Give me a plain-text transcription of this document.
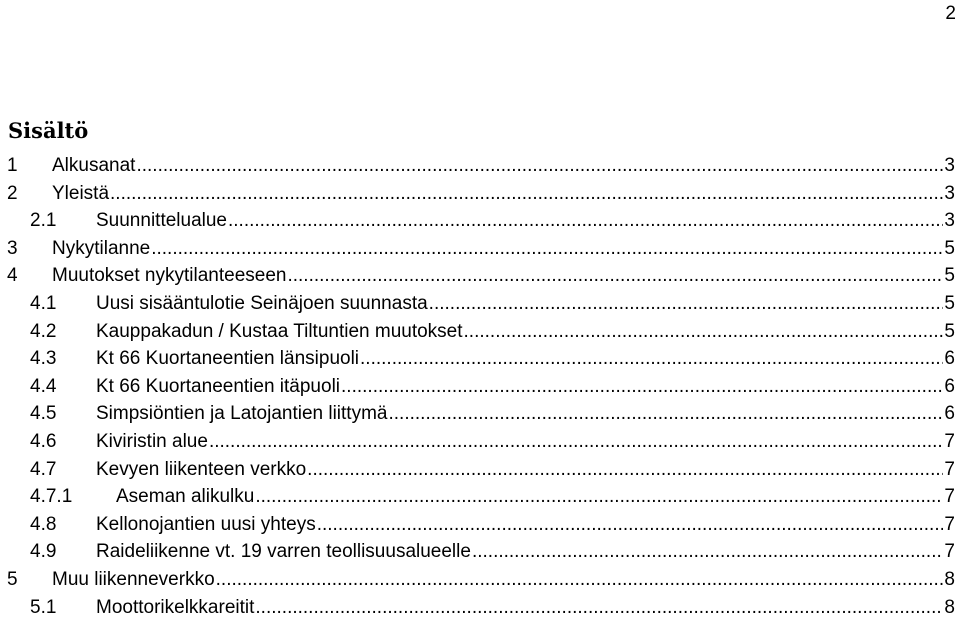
2
Sisältö
1 Alkusanat .....	3
2 Yleistä .....	3
2.1 Suunnittelualue .....	3
3 Nykytilanne .....	5
4 Muutokset nykytilanteeseen .....	5
4.1 Uusi sisääntulotie Seinäjoen suunnasta .....	5
4.2 Kauppakadun / Kustaa Tiltuntien muutokset .....	5
4.3 Kt 66 Kuortaneentien länsipuoli .....	6
4.4 Kt 66 Kuortaneentien itäpuoli .....	6
4.5 Simpsiöntien ja Latojantien liittymä .....	6
4.6 Kiviristin alue .....	7
4.7 Kevyen liikenteen verkko .....	7
4.7.1 Aseman alikulku .....	7
4.8 Kellonojantien uusi yhteys .....	7
4.9 Raideliikenne vt. 19 varren teollisuusalueelle .....	7
5 Muu liikenneverkko .....	8
5.1 Moottorikelkkareitit .....	8
